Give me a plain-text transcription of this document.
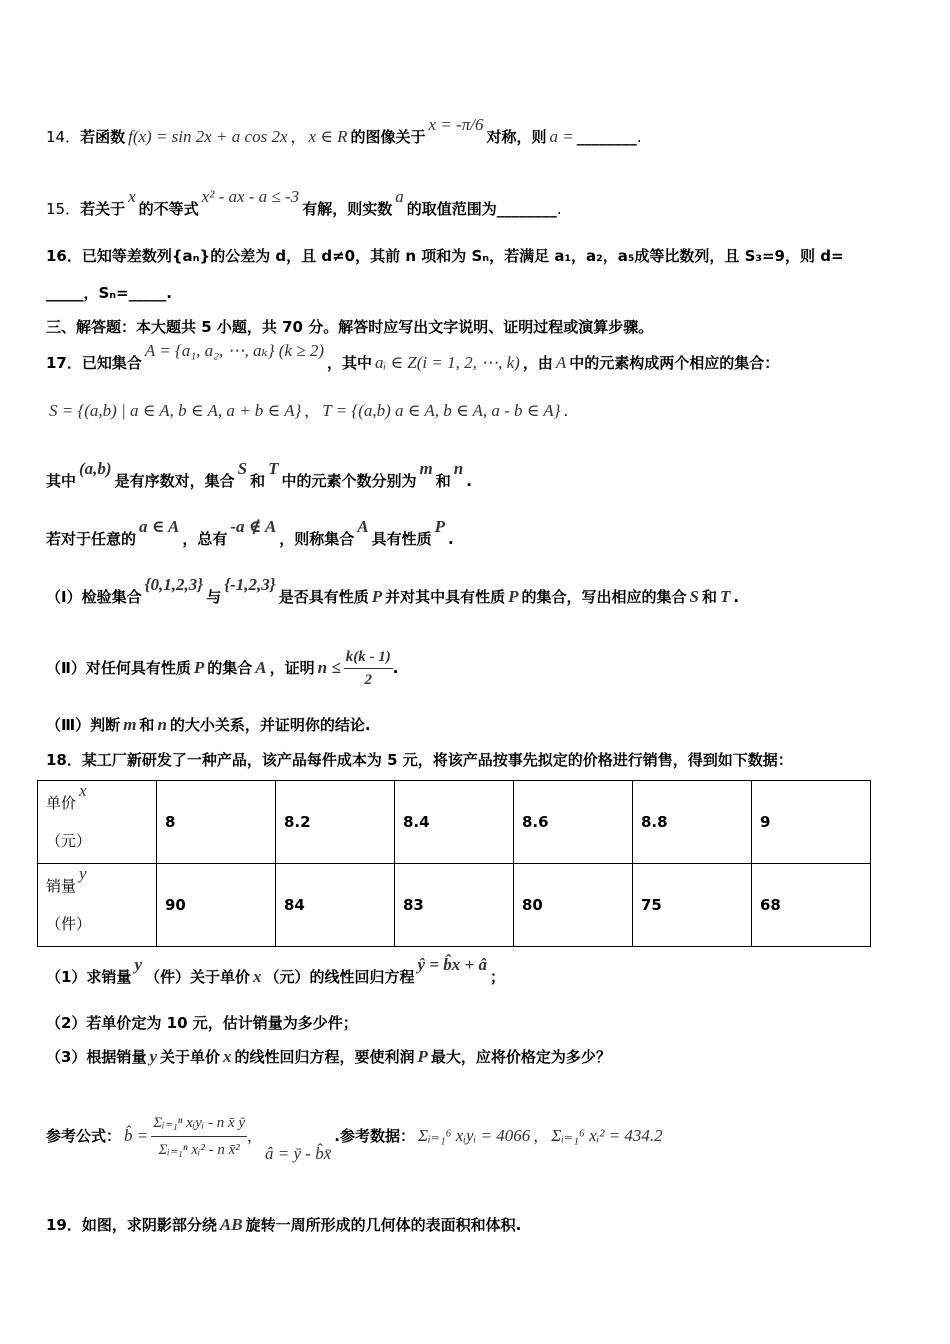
14．若函数 f(x) = sin 2x + a cos 2x ， x ∈ R 的图像关于x = -π/6对称，则 a = ________.
15．若关于x的不等式x² - ax - a ≤ -3有解，则实数a的取值范围为________.
16．已知等差数列{aₙ}的公差为 d，且 d≠0，其前 n 项和为 Sₙ，若满足 a₁，a₂，a₅成等比数列，且 S₃=9，则 d=
_____，Sₙ=_____.
三、解答题：本大题共 5 小题，共 70 分。解答时应写出文字说明、证明过程或演算步骤。
17．已知集合A = {a₁, a₂, ⋯, aₖ} (k ≥ 2)，其中 aᵢ ∈ Z(i = 1, 2, ⋯, k) ，由 A 中的元素构成两个相应的集合：
S = {(a,b) | a ∈ A, b ∈ A, a + b ∈ A} ， T = {(a,b) a ∈ A, b ∈ A, a - b ∈ A} .
其中(a,b)是有序数对，集合S和T中的元素个数分别为m和n.
若对于任意的a ∈ A，总有-a ∉ A，则称集合A具有性质P.
（Ⅰ）检验集合{0,1,2,3}与{-1,2,3}是否具有性质 P 并对其中具有性质 P 的集合，写出相应的集合 S 和 T .
（Ⅱ）对任何具有性质 P 的集合 A ，证明 $n \le \frac{k(k - 1)}{2}$ .
（Ⅲ）判断 m 和 n 的大小关系，并证明你的结论.
18．某工厂新研发了一种产品，该产品每件成本为 5 元，将该产品按事先拟定的价格进行销售，得到如下数据：
单价x
（元）	8	8.2	8.4	8.6	8.8	9
销量y
（件）	90	84	83	80	75	68
（1）求销量y（件）关于单价 x （元）的线性回归方程ŷ = b̂x + â；
（2）若单价定为 10 元，估计销量为多少件；
（3）根据销量 y 关于单价 x 的线性回归方程，要使利润 P 最大，应将价格定为多少？
参考公式： b̂ = $\frac{\text{Σᵢ₌₁ⁿ xᵢyᵢ - n x̄ ȳ}}{\text{Σᵢ₌₁ⁿ xᵢ² - n x̄²}}$ ，â = ȳ - b̂x̄.参考数据： Σᵢ₌₁⁶ xᵢyᵢ = 4066 ， Σᵢ₌₁⁶ xᵢ² = 434.2
19．如图，求阴影部分绕 AB 旋转一周所形成的几何体的表面积和体积.
